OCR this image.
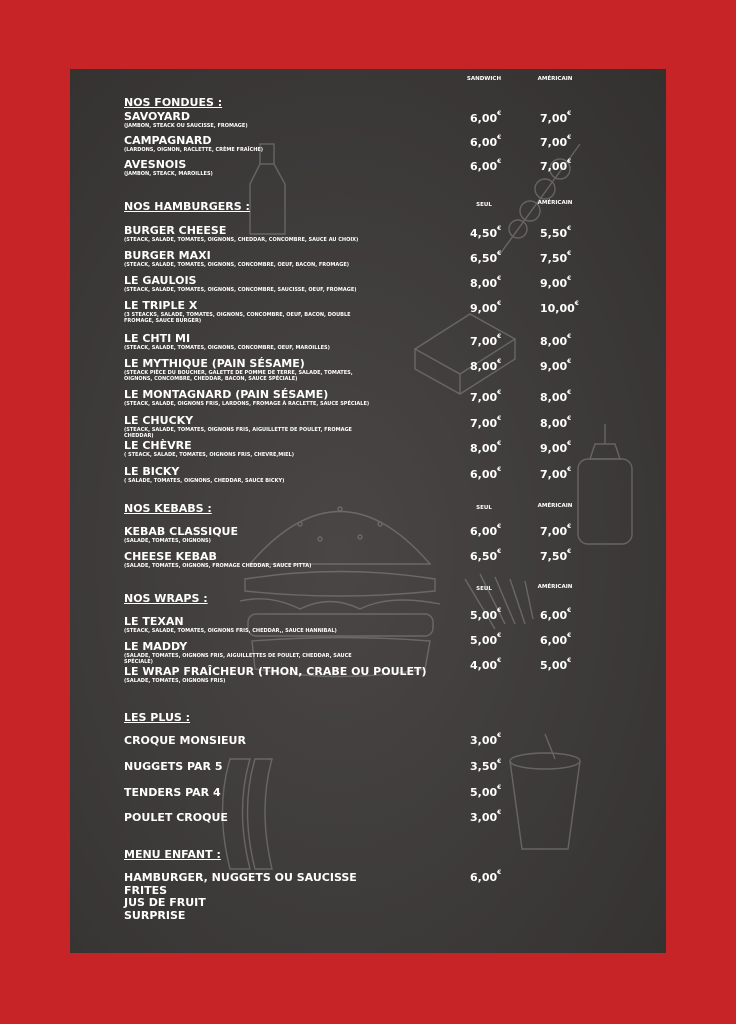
SANDWICH	AMÉRICAIN
NOS FONDUES :
SAVOYARD
(JAMBON, STEACK OU SAUCISSE, FROMAGE)
6,00€	7,00€
CAMPAGNARD
(LARDONS, OIGNON, RACLETTE, CRÈME FRAÎCHE)
6,00€	7,00€
AVESNOIS
(JAMBON, STEACK, MAROILLES)
6,00€	7,00€
NOS HAMBURGERS :	SEUL	AMÉRICAIN
BURGER CHEESE
(STEACK, SALADE, TOMATES, OIGNONS, CHEDDAR, CONCOMBRE, SAUCE AU CHOIX)	4,50€	5,50€
BURGER MAXI
(STEACK, SALADE, TOMATES, OIGNONS, CONCOMBRE, OEUF, BACON, FROMAGE)	6,50€	7,50€
LE GAULOIS
(STEACK, SALADE, TOMATES, OIGNONS, CONCOMBRE, SAUCISSE, OEUF, FROMAGE)	8,00€	9,00€
LE TRIPLE X
(3 STEACKS, SALADE, TOMATES, OIGNONS, CONCOMBRE, OEUF, BACON, DOUBLE FROMAGE, SAUCE BURGER)
9,00€	10,00€
LE CHTI MI
(STEACK, SALADE, TOMATES, OIGNONS, CONCOMBRE, OEUF, MAROILLES)	7,00€	8,00€
LE MYTHIQUE (PAIN SÉSAME)
(STEACK PIÈCE DU BOUCHER, GALETTE DE POMME DE TERRE, SALADE, TOMATES, OIGNONS, CONCOMBRE, CHEDDAR, BACON, SAUCE SPÉCIALE)
8,00€	9,00€
LE MONTAGNARD (PAIN SÉSAME)
(STEACK, SALADE, OIGNONS FRIS, LARDONS, FROMAGE À RACLETTE, SAUCE SPÉCIALE)	7,00€	8,00€
LE CHUCKY
(STEACK, SALADE, TOMATES, OIGNONS FRIS, AIGUILLETTE DE POULET, FROMAGE CHEDDAR)
7,00€	8,00€
LE CHÈVRE
( STEACK, SALADE, TOMATES, OIGNONS FRIS, CHEVRE,MIEL)	8,00€	9,00€
LE BICKY
( SALADE, TOMATES, OIGNONS, CHEDDAR, SAUCE BICKY)	6,00€	7,00€
NOS KEBABS :	SEUL	AMÉRICAIN
KEBAB CLASSIQUE
(SALADE, TOMATES, OIGNONS)
6,00€	7,00€
CHEESE KEBAB
(SALADE, TOMATES, OIGNONS, FROMAGE CHEDDAR, SAUCE PITTA)
6,50€	7,50€
NOS WRAPS :
SEUL	AMÉRICAIN
LE TEXAN
(STEACK, SALADE, TOMATES, OIGNONS FRIS, CHEDDAR,, SAUCE HANNIBAL)
5,00€	6,00€
LE MADDY
(SALADE, TOMATES, OIGNONS FRIS, AIGUILLETTES DE POULET, CHEDDAR, SAUCE SPÉCIALE)
5,00€	6,00€
LE WRAP FRAÎCHEUR (THON, CRABE OU POULET)
(SALADE, TOMATES, OIGNONS FRIS)
4,00€	5,00€
LES PLUS :
CROQUE MONSIEUR	3,00€
NUGGETS PAR 5	3,50€
TENDERS PAR 4	5,00€
POULET CROQUE	3,00€
MENU ENFANT :
HAMBURGER, NUGGETS OU SAUCISSE
FRITES
JUS DE FRUIT
SURPRISE
6,00€
